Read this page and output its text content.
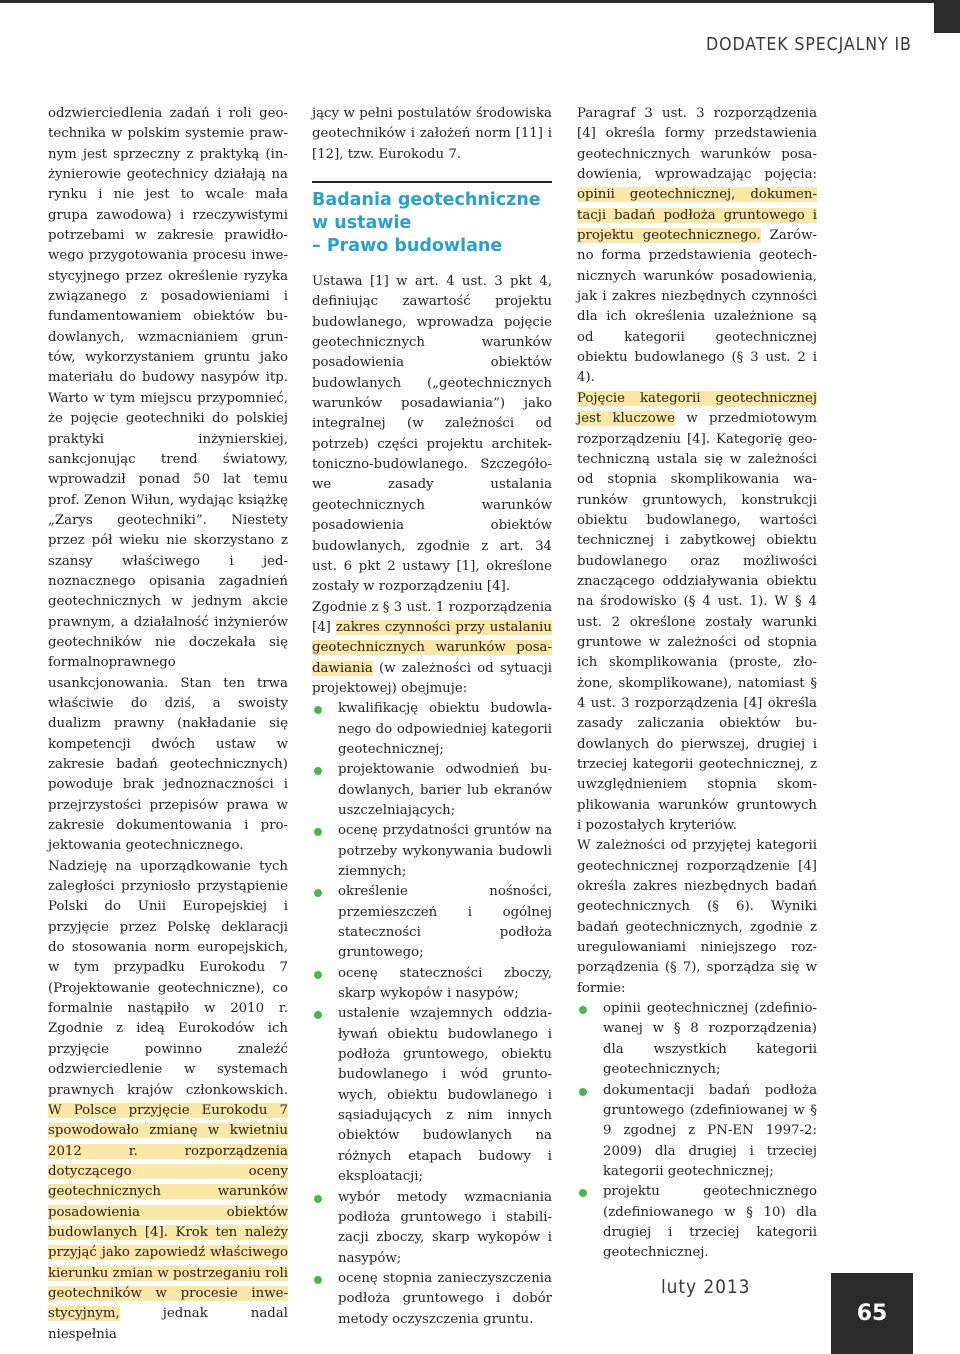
DODATEK SPECJALNY IB

odzwierciedlenia zadań i roli geotechnika w polskim systemie prawnym jest sprzeczny z praktyką (inżynierowie geotechnicy działają na rynku i nie jest to wcale mała grupa zawodowa) i rzeczywistymi potrzebami w zakresie prawidłowego przygotowania procesu inwestycyjnego przez określenie ryzyka związanego z posadowieniami i fundamentowaniem obiektów budowlanych, wzmacnianiem gruntów, wykorzystaniem gruntu jako materiału do budowy nasypów itp. Warto w tym miejscu przypomnieć, że pojęcie geotechniki do polskiej praktyki inżynierskiej, sankcjonując trend światowy, wprowadził ponad 50 lat temu prof. Zenon Wiłun, wydając książkę „Zarys geotechniki”. Niestety przez pół wieku nie skorzystano z szansy właściwego i jednoznacznego opisania zagadnień geotechnicznych w jednym akcie prawnym, a działalność inżynierów geotechników nie doczekała się formalnoprawnego usankcjonowania. Stan ten trwa właściwie do dziś, a swoisty dualizm prawny (nakładanie się kompetencji dwóch ustaw w zakresie badań geotechnicznych) powoduje brak jednoznaczności i przejrzystości przepisów prawa w zakresie dokumentowania i projektowania geotechnicznego.

Nadzieję na uporządkowanie tych zaległości przyniosło przystąpienie Polski do Unii Europejskiej i przyjęcie przez Polskę deklaracji do stosowania norm europejskich, w tym przypadku Eurokodu 7 (Projektowanie geotechniczne), co formalnie nastąpiło w 2010 r. Zgodnie z ideą Eurokodów ich przyjęcie powinno znaleźć odzwierciedlenie w systemach prawnych krajów członkowskich. W Polsce przyjęcie Eurokodu 7 spowodowało zmianę w kwietniu 2012 r. rozporządzenia dotyczącego oceny geotechnicznych warunków posadowienia obiektów budowlanych [4]. Krok ten należy przyjąć jako zapowiedź właściwego kierunku zmian w postrzeganiu roli geotechników w procesie inwestycyjnym, jednak nadal niespełnia

jący w pełni postulatów środowiska geotechników i założeń norm [11] i [12], tzw. Eurokodu 7.

Badania geotechniczne
w ustawie
– Prawo budowlane

Ustawa [1] w art. 4 ust. 3 pkt 4, definiując zawartość projektu budowlanego, wprowadza pojęcie geotechnicznych warunków posadowienia obiektów budowlanych („geotechnicznych warunków posadawiania”) jako integralnej (w zależności od potrzeb) części projektu architektoniczno-budowlanego. Szczegółowe zasady ustalania geotechnicznych warunków posadowienia obiektów budowlanych, zgodnie z art. 34 ust. 6 pkt 2 ustawy [1], określone zostały w rozporządzeniu [4].

Zgodnie z § 3 ust. 1 rozporządzenia [4] zakres czynności przy ustalaniu geotechnicznych warunków posadawiania (w zależności od sytuacji projektowej) obejmuje:

kwalifikację obiektu budowlanego do odpowiedniej kategorii geotechnicznej;
projektowanie odwodnień budowlanych, barier lub ekranów uszczelniających;
ocenę przydatności gruntów na potrzeby wykonywania budowli ziemnych;
określenie nośności, przemieszczeń i ogólnej stateczności podłoża gruntowego;
ocenę stateczności zboczy, skarp wykopów i nasypów;
ustalenie wzajemnych oddziaływań obiektu budowlanego i podłoża gruntowego, obiektu budowlanego i wód gruntowych, obiektu budowlanego i sąsiadujących z nim innych obiektów budowlanych na różnych etapach budowy i eksploatacji;
wybór metody wzmacniania podłoża gruntowego i stabilizacji zboczy, skarp wykopów i nasypów;
ocenę stopnia zanieczyszczenia podłoża gruntowego i dobór metody oczyszczenia gruntu.

Paragraf 3 ust. 3 rozporządzenia [4] określa formy przedstawienia geotechnicznych warunków posadowienia, wprowadzając pojęcia: opinii geotechnicznej, dokumentacji badań podłoża gruntowego i projektu geotechnicznego. Zarówno forma przedstawienia geotechnicznych warunków posadowienia, jak i zakres niezbędnych czynności dla ich określenia uzależnione są od kategorii geotechnicznej obiektu budowlanego (§ 3 ust. 2 i 4).

Pojęcie kategorii geotechnicznej jest kluczowe w przedmiotowym rozporządzeniu [4]. Kategorię geotechniczną ustala się w zależności od stopnia skomplikowania warunków gruntowych, konstrukcji obiektu budowlanego, wartości technicznej i zabytkowej obiektu budowlanego oraz możliwości znaczącego oddziaływania obiektu na środowisko (§ 4 ust. 1). W § 4 ust. 2 określone zostały warunki gruntowe w zależności od stopnia ich skomplikowania (proste, złożone, skomplikowane), natomiast § 4 ust. 3 rozporządzenia [4] określa zasady zaliczania obiektów budowlanych do pierwszej, drugiej i trzeciej kategorii geotechnicznej, z uwzględnieniem stopnia skomplikowania warunków gruntowych i pozostałych kryteriów.

W zależności od przyjętej kategorii geotechnicznej rozporządzenie [4] określa zakres niezbędnych badań geotechnicznych (§ 6). Wyniki badań geotechnicznych, zgodnie z uregulowaniami niniejszego rozporządzenia (§ 7), sporządza się w formie:

opinii geotechnicznej (zdefiniowanej w § 8 rozporządzenia) dla wszystkich kategorii geotechnicznych;
dokumentacji badań podłoża gruntowego (zdefiniowanej w § 9 zgodnej z PN-EN 1997-2: 2009) dla drugiej i trzeciej kategorii geotechnicznej;
projektu geotechnicznego (zdefiniowanego w § 10) dla drugiej i trzeciej kategorii geotechnicznej.
luty 2013
65
